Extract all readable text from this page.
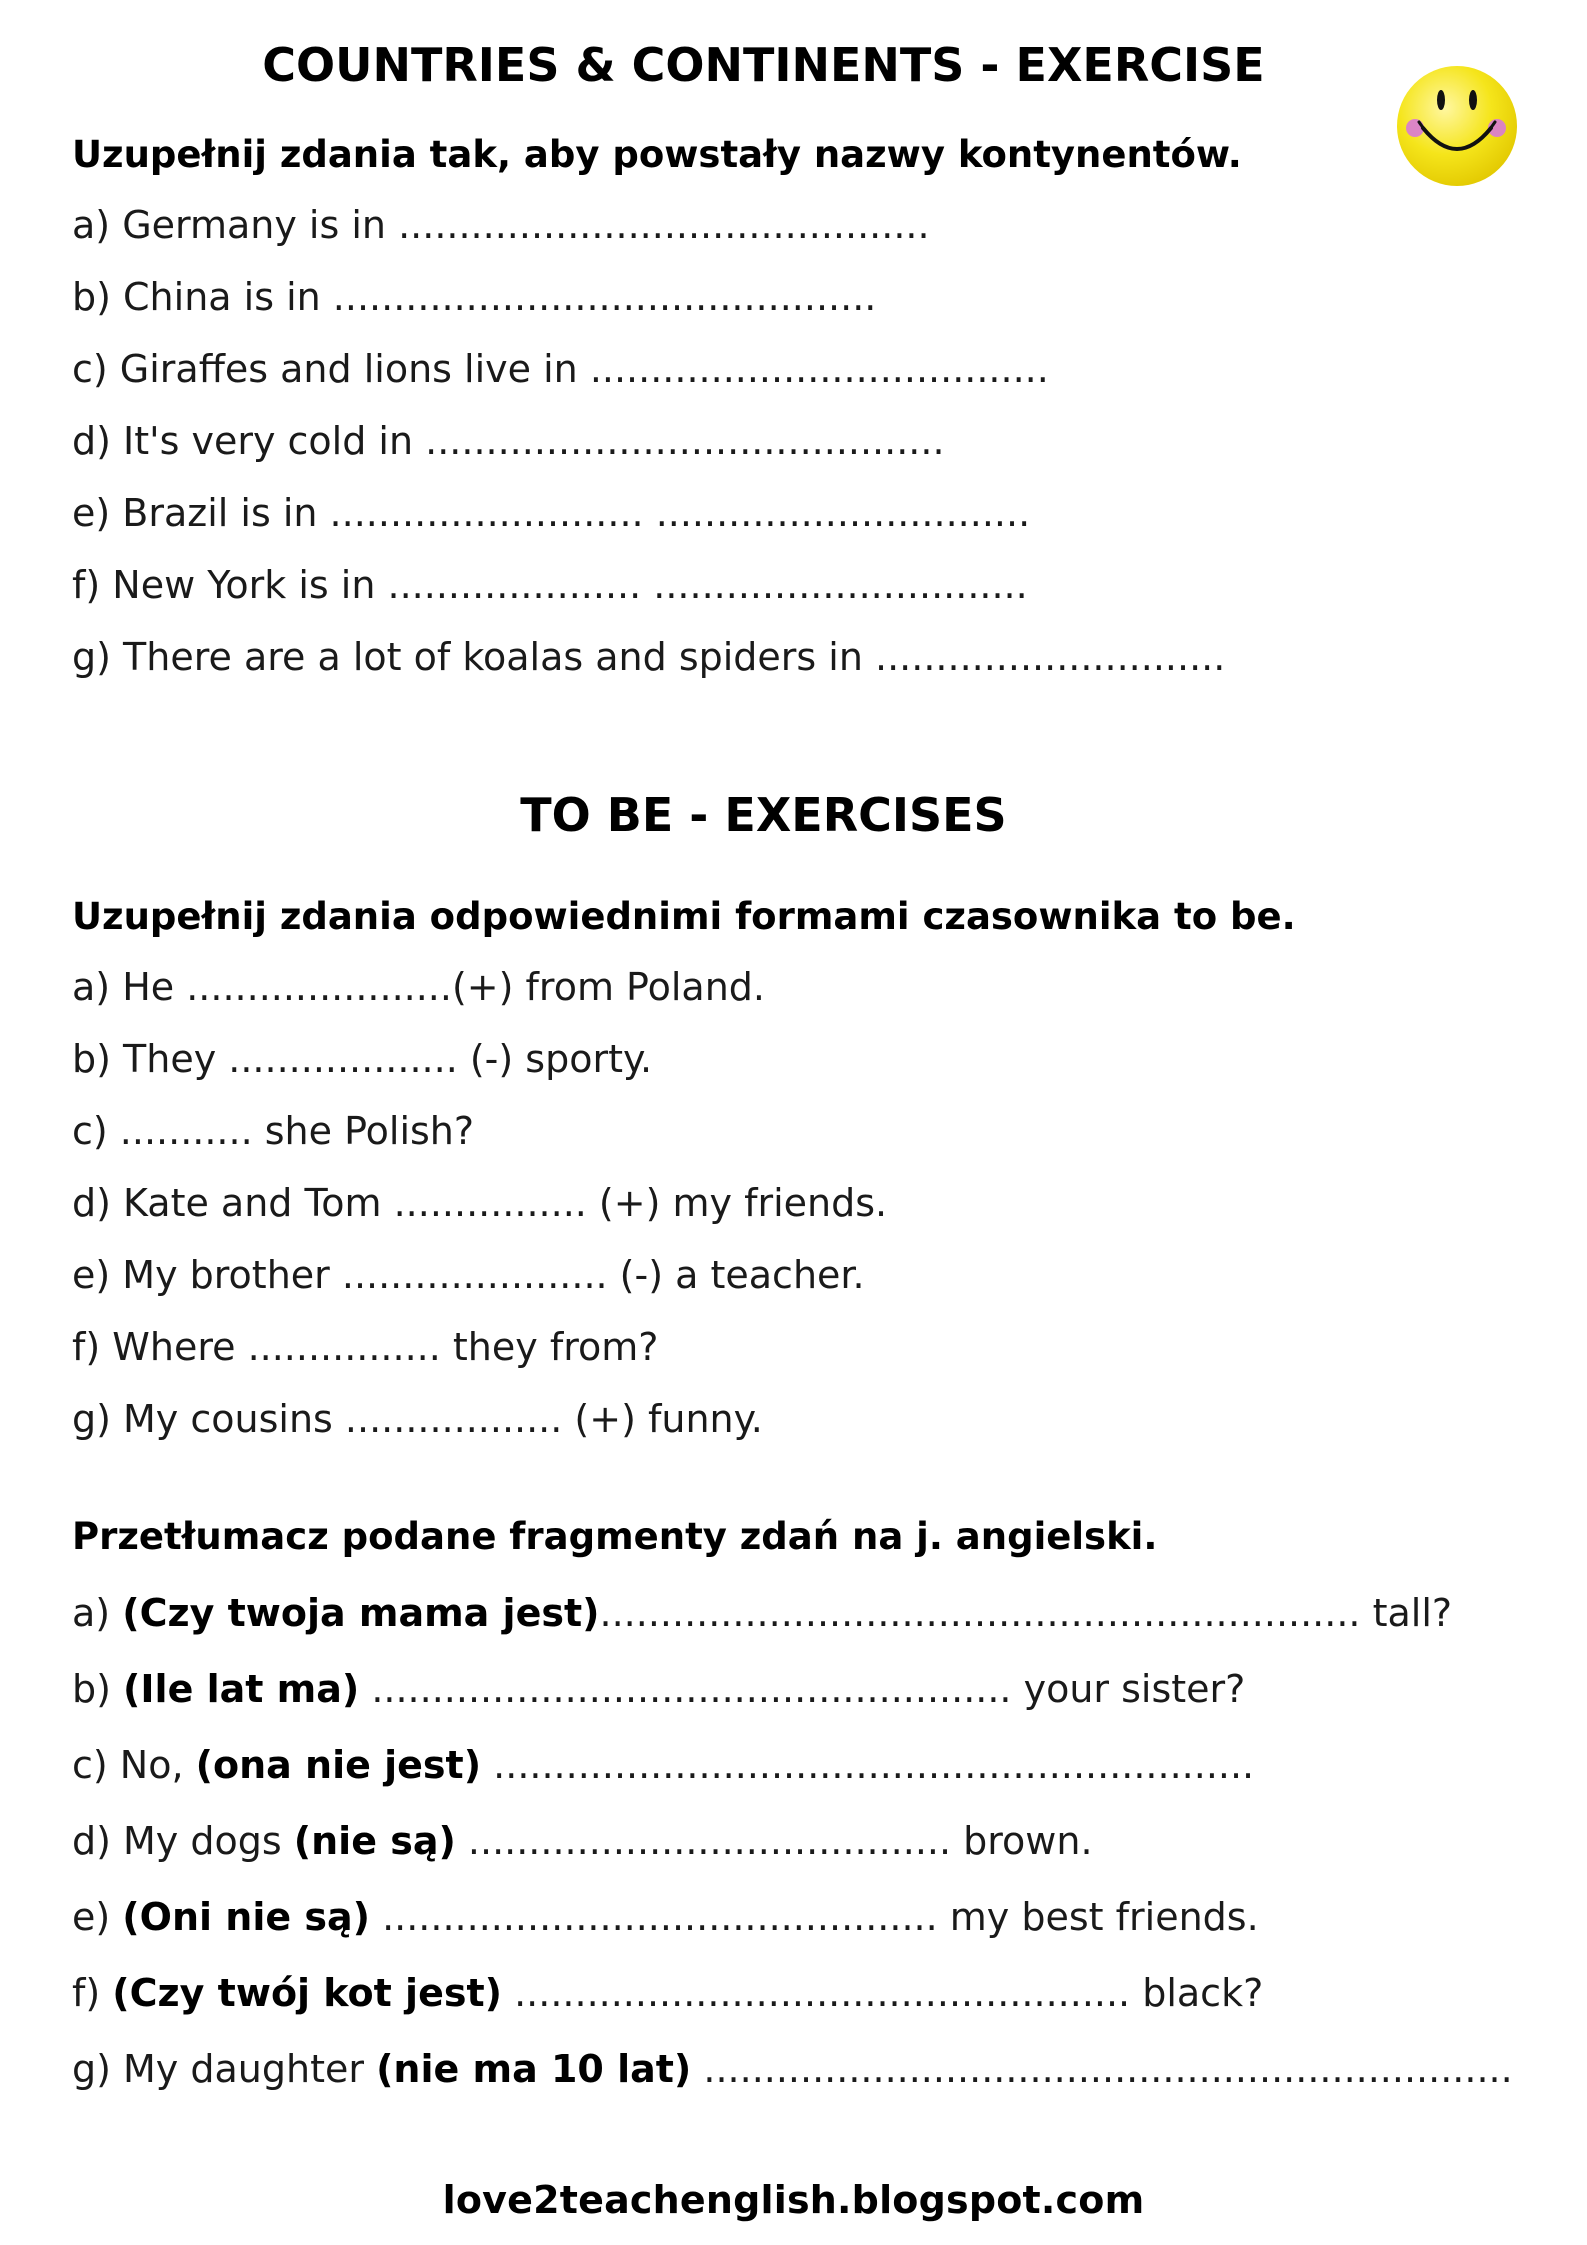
COUNTRIES & CONTINENTS - EXERCISE
Uzupełnij zdania tak, aby powstały nazwy kontynentów.
a) Germany is in ............................................
b) China is in .............................................
c) Giraffes and lions live in ......................................
d) It's very cold in ...........................................
e) Brazil is in .......................... ...............................
f) New York is in ..................... ...............................
g) There are a lot of koalas and spiders in .............................
TO BE - EXERCISES
Uzupełnij zdania odpowiednimi formami czasownika to be.
a) He ......................(+) from Poland.
b) They ................... (-) sporty.
c) ........... she Polish?
d) Kate and Tom ................ (+) my friends.
e) My brother ...................... (-) a teacher.
f) Where ................ they from?
g) My cousins .................. (+) funny.
Przetłumacz podane fragmenty zdań na j. angielski.
a) (Czy twoja mama jest)............................................................... tall?
b) (Ile lat ma) ..................................................... your sister?
c) No, (ona nie jest) ...............................................................
d) My dogs (nie są) ........................................ brown.
e) (Oni nie są) .............................................. my best friends.
f) (Czy twój kot jest) ................................................... black?
g) My daughter (nie ma 10 lat) ...................................................................
love2teachenglish.blogspot.com
